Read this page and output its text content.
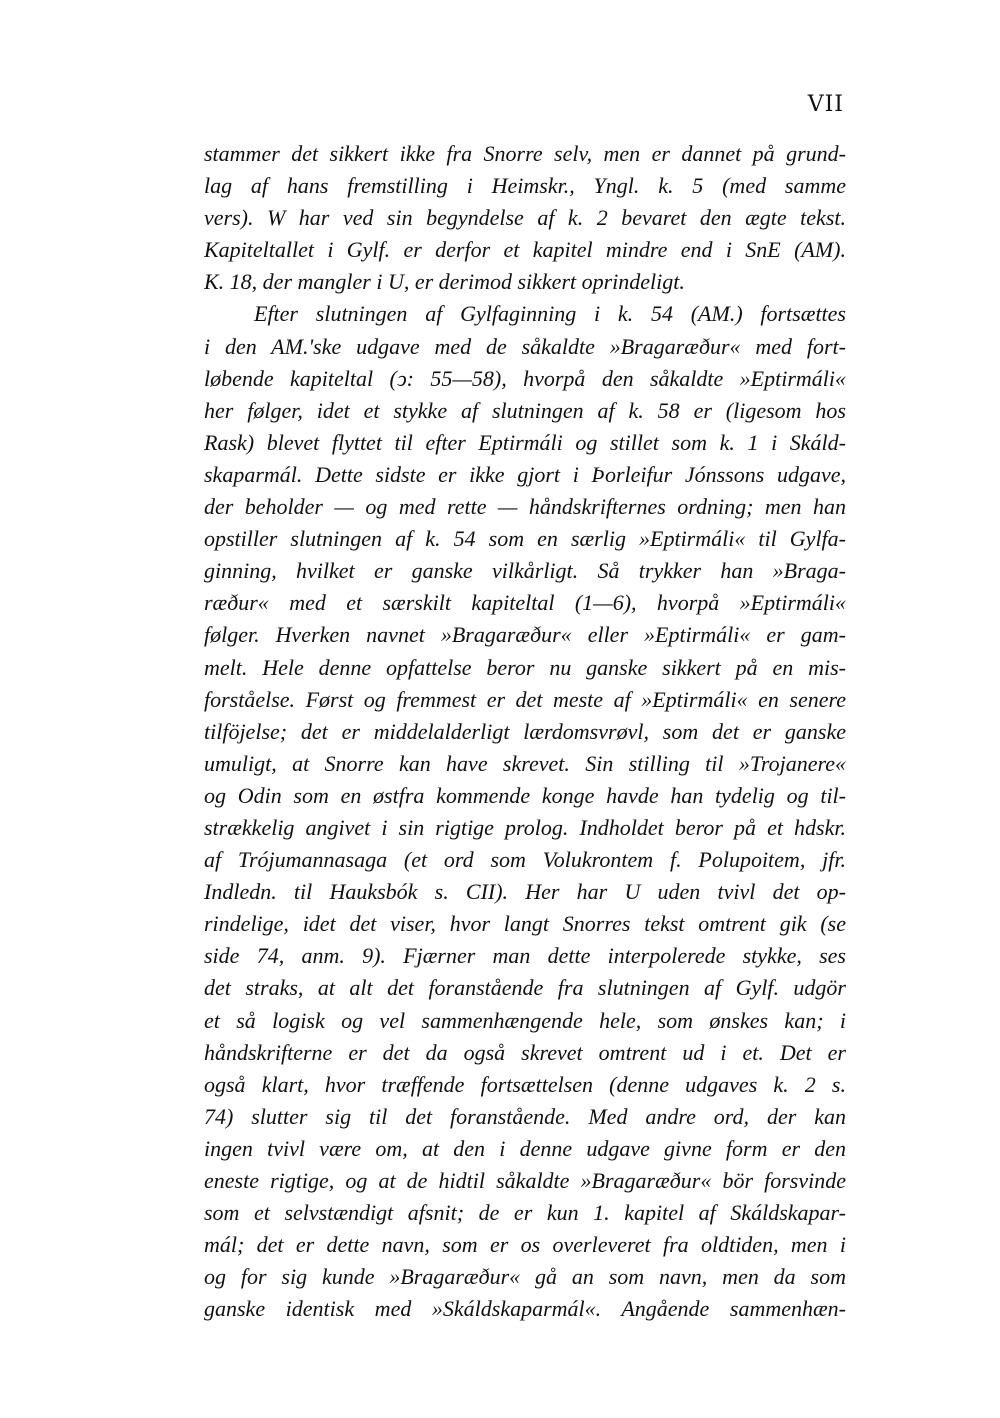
VII
stammer det sikkert ikke fra Snorre selv, men er dannet på grund-
lag af hans fremstilling i Heimskr., Yngl. k. 5 (med samme
vers). W har ved sin begyndelse af k. 2 bevaret den ægte tekst.
Kapiteltallet i Gylf. er derfor et kapitel mindre end i SnE (AM).
K. 18, der mangler i U, er derimod sikkert oprindeligt.
Efter slutningen af Gylfaginning i k. 54 (AM.) fortsættes
i den AM.'ske udgave med de såkaldte »Bragaræður« med fort-
løbende kapiteltal (ↄ: 55—58), hvorpå den såkaldte »Eptirmáli«
her følger, idet et stykke af slutningen af k. 58 er (ligesom hos
Rask) blevet flyttet til efter Eptirmáli og stillet som k. 1 i Skáld-
skaparmál. Dette sidste er ikke gjort i Þorleifur Jónssons udgave,
der beholder — og med rette — håndskrifternes ordning; men han
opstiller slutningen af k. 54 som en særlig »Eptirmáli« til Gylfa-
ginning, hvilket er ganske vilkårligt. Så trykker han »Braga-
ræður« med et særskilt kapiteltal (1—6), hvorpå »Eptirmáli«
følger. Hverken navnet »Bragaræður« eller »Eptirmáli« er gam-
melt. Hele denne opfattelse beror nu ganske sikkert på en mis-
forståelse. Først og fremmest er det meste af »Eptirmáli« en senere
tilföjelse; det er middelalderligt lærdomsvrøvl, som det er ganske
umuligt, at Snorre kan have skrevet. Sin stilling til »Trojanere«
og Odin som en østfra kommende konge havde han tydelig og til-
strækkelig angivet i sin rigtige prolog. Indholdet beror på et hdskr.
af Trójumannasaga (et ord som Volukrontem f. Polupoitem, jfr.
Indledn. til Hauksbók s. CII). Her har U uden tvivl det op-
rindelige, idet det viser, hvor langt Snorres tekst omtrent gik (se
side 74, anm. 9). Fjærner man dette interpolerede stykke, ses
det straks, at alt det foranstående fra slutningen af Gylf. udgör
et så logisk og vel sammenhængende hele, som ønskes kan; i
håndskrifterne er det da også skrevet omtrent ud i et. Det er
også klart, hvor træffende fortsættelsen (denne udgaves k. 2 s.
74) slutter sig til det foranstående. Med andre ord, der kan
ingen tvivl være om, at den i denne udgave givne form er den
eneste rigtige, og at de hidtil såkaldte »Bragaræður« bör forsvinde
som et selvstændigt afsnit; de er kun 1. kapitel af Skáldskapar-
mál; det er dette navn, som er os overleveret fra oldtiden, men i
og for sig kunde »Bragaræður« gå an som navn, men da som
ganske identisk med »Skáldskaparmál«. Angående sammenhæn-
